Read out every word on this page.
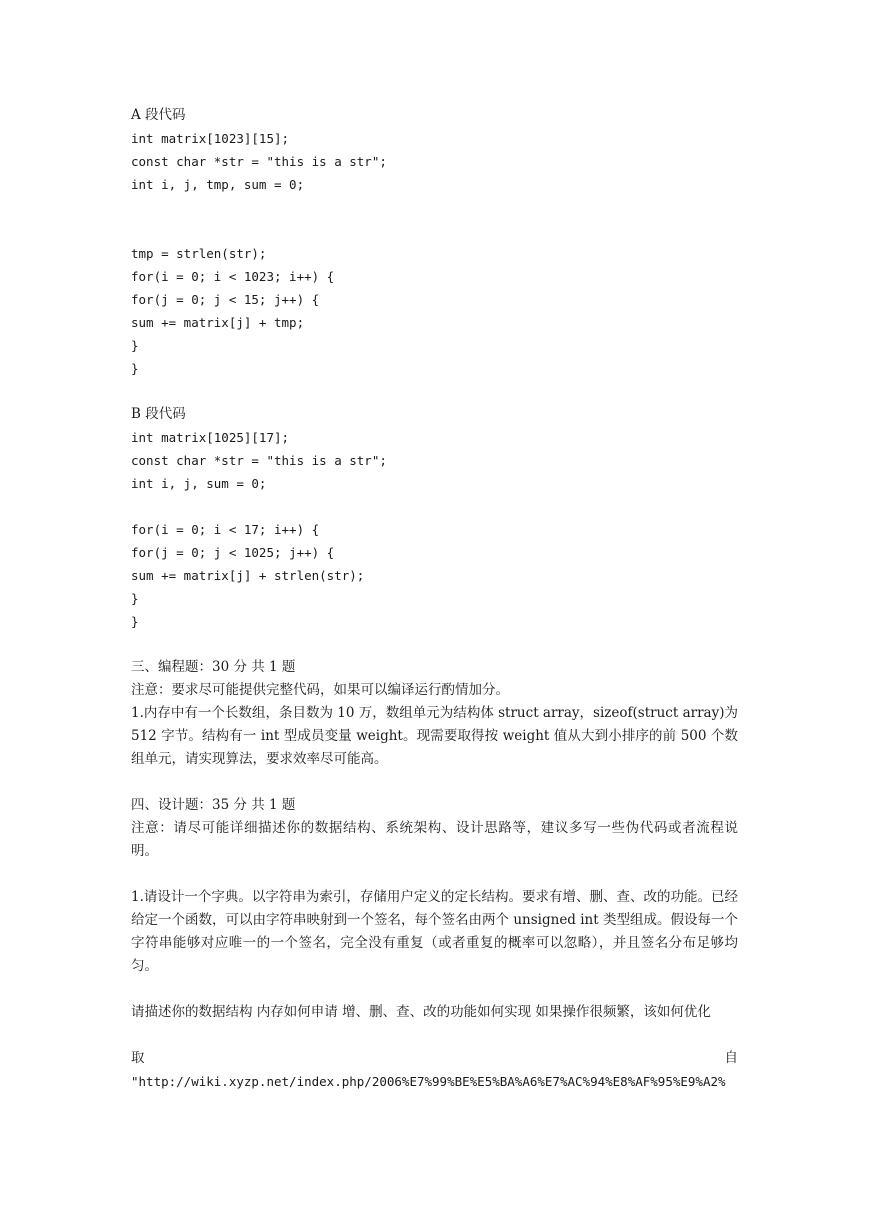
A 段代码
int matrix[1023][15];
const char *str = "this is a str";
int i, j, tmp, sum = 0;
tmp = strlen(str);
for(i = 0; i < 1023; i++) {
for(j = 0; j < 15; j++) {
sum += matrix[j] + tmp;
}
}
B 段代码
int matrix[1025][17];
const char *str = "this is a str";
int i, j, sum = 0;
for(i = 0; i < 17; i++) {
for(j = 0; j < 1025; j++) {
sum += matrix[j] + strlen(str);
}
}
三、编程题：30 分 共 1 题
注意：要求尽可能提供完整代码，如果可以编译运行酌情加分。
1.内存中有一个长数组，条目数为 10 万，数组单元为结构体 struct array，sizeof(struct array)为 512 字节。结构有一 int 型成员变量 weight。现需要取得按 weight 值从大到小排序的前 500 个数组单元，请实现算法，要求效率尽可能高。
四、设计题：35 分 共 1 题
注意：请尽可能详细描述你的数据结构、系统架构、设计思路等，建议多写一些伪代码或者流程说明。
1.请设计一个字典。以字符串为索引，存储用户定义的定长结构。要求有增、删、查、改的功能。已经给定一个函数，可以由字符串映射到一个签名，每个签名由两个 unsigned int 类型组成。假设每一个字符串能够对应唯一的一个签名，完全没有重复（或者重复的概率可以忽略），并且签名分布足够均匀。
请描述你的数据结构 内存如何申请 增、删、查、改的功能如何实现 如果操作很频繁，该如何优化
取	自
"http://wiki.xyzp.net/index.php/2006%E7%99%BE%E5%BA%A6%E7%AC%94%E8%AF%95%E9%A2%
